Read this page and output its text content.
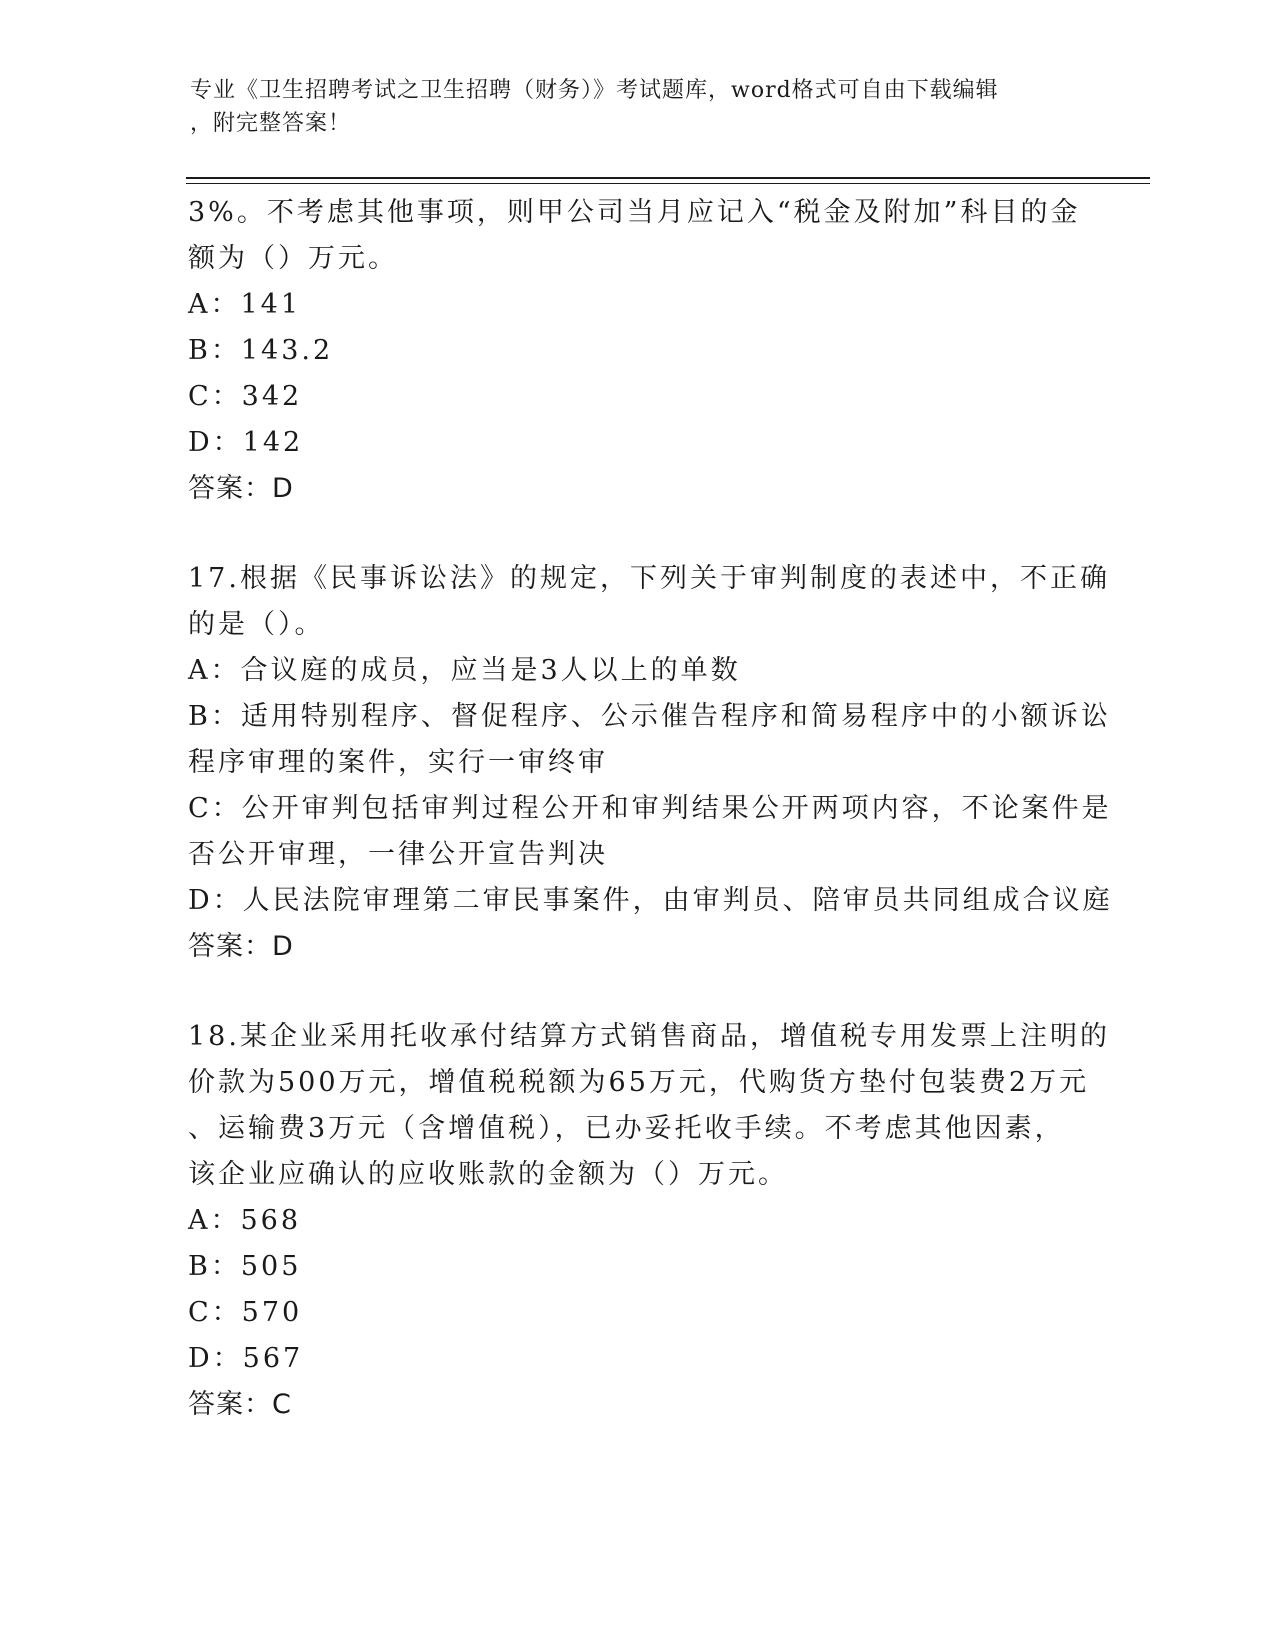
专业《卫生招聘考试之卫生招聘（财务）》考试题库，word格式可自由下载编辑
，附完整答案！
3%。不考虑其他事项，则甲公司当月应记入“税金及附加”科目的金
额为（）万元。
A：141
B：143.2
C：342
D：142
答案：D
17.根据《民事诉讼法》的规定，下列关于审判制度的表述中，不正确
的是（）。
A：合议庭的成员，应当是3人以上的单数
B：适用特别程序、督促程序、公示催告程序和简易程序中的小额诉讼
程序审理的案件，实行一审终审
C：公开审判包括审判过程公开和审判结果公开两项内容，不论案件是
否公开审理，一律公开宣告判决
D：人民法院审理第二审民事案件，由审判员、陪审员共同组成合议庭
答案：D
18.某企业采用托收承付结算方式销售商品，增值税专用发票上注明的
价款为500万元，增值税税额为65万元，代购货方垫付包装费2万元
、运输费3万元（含增值税），已办妥托收手续。不考虑其他因素，
该企业应确认的应收账款的金额为（）万元。
A：568
B：505
C：570
D：567
答案：C
